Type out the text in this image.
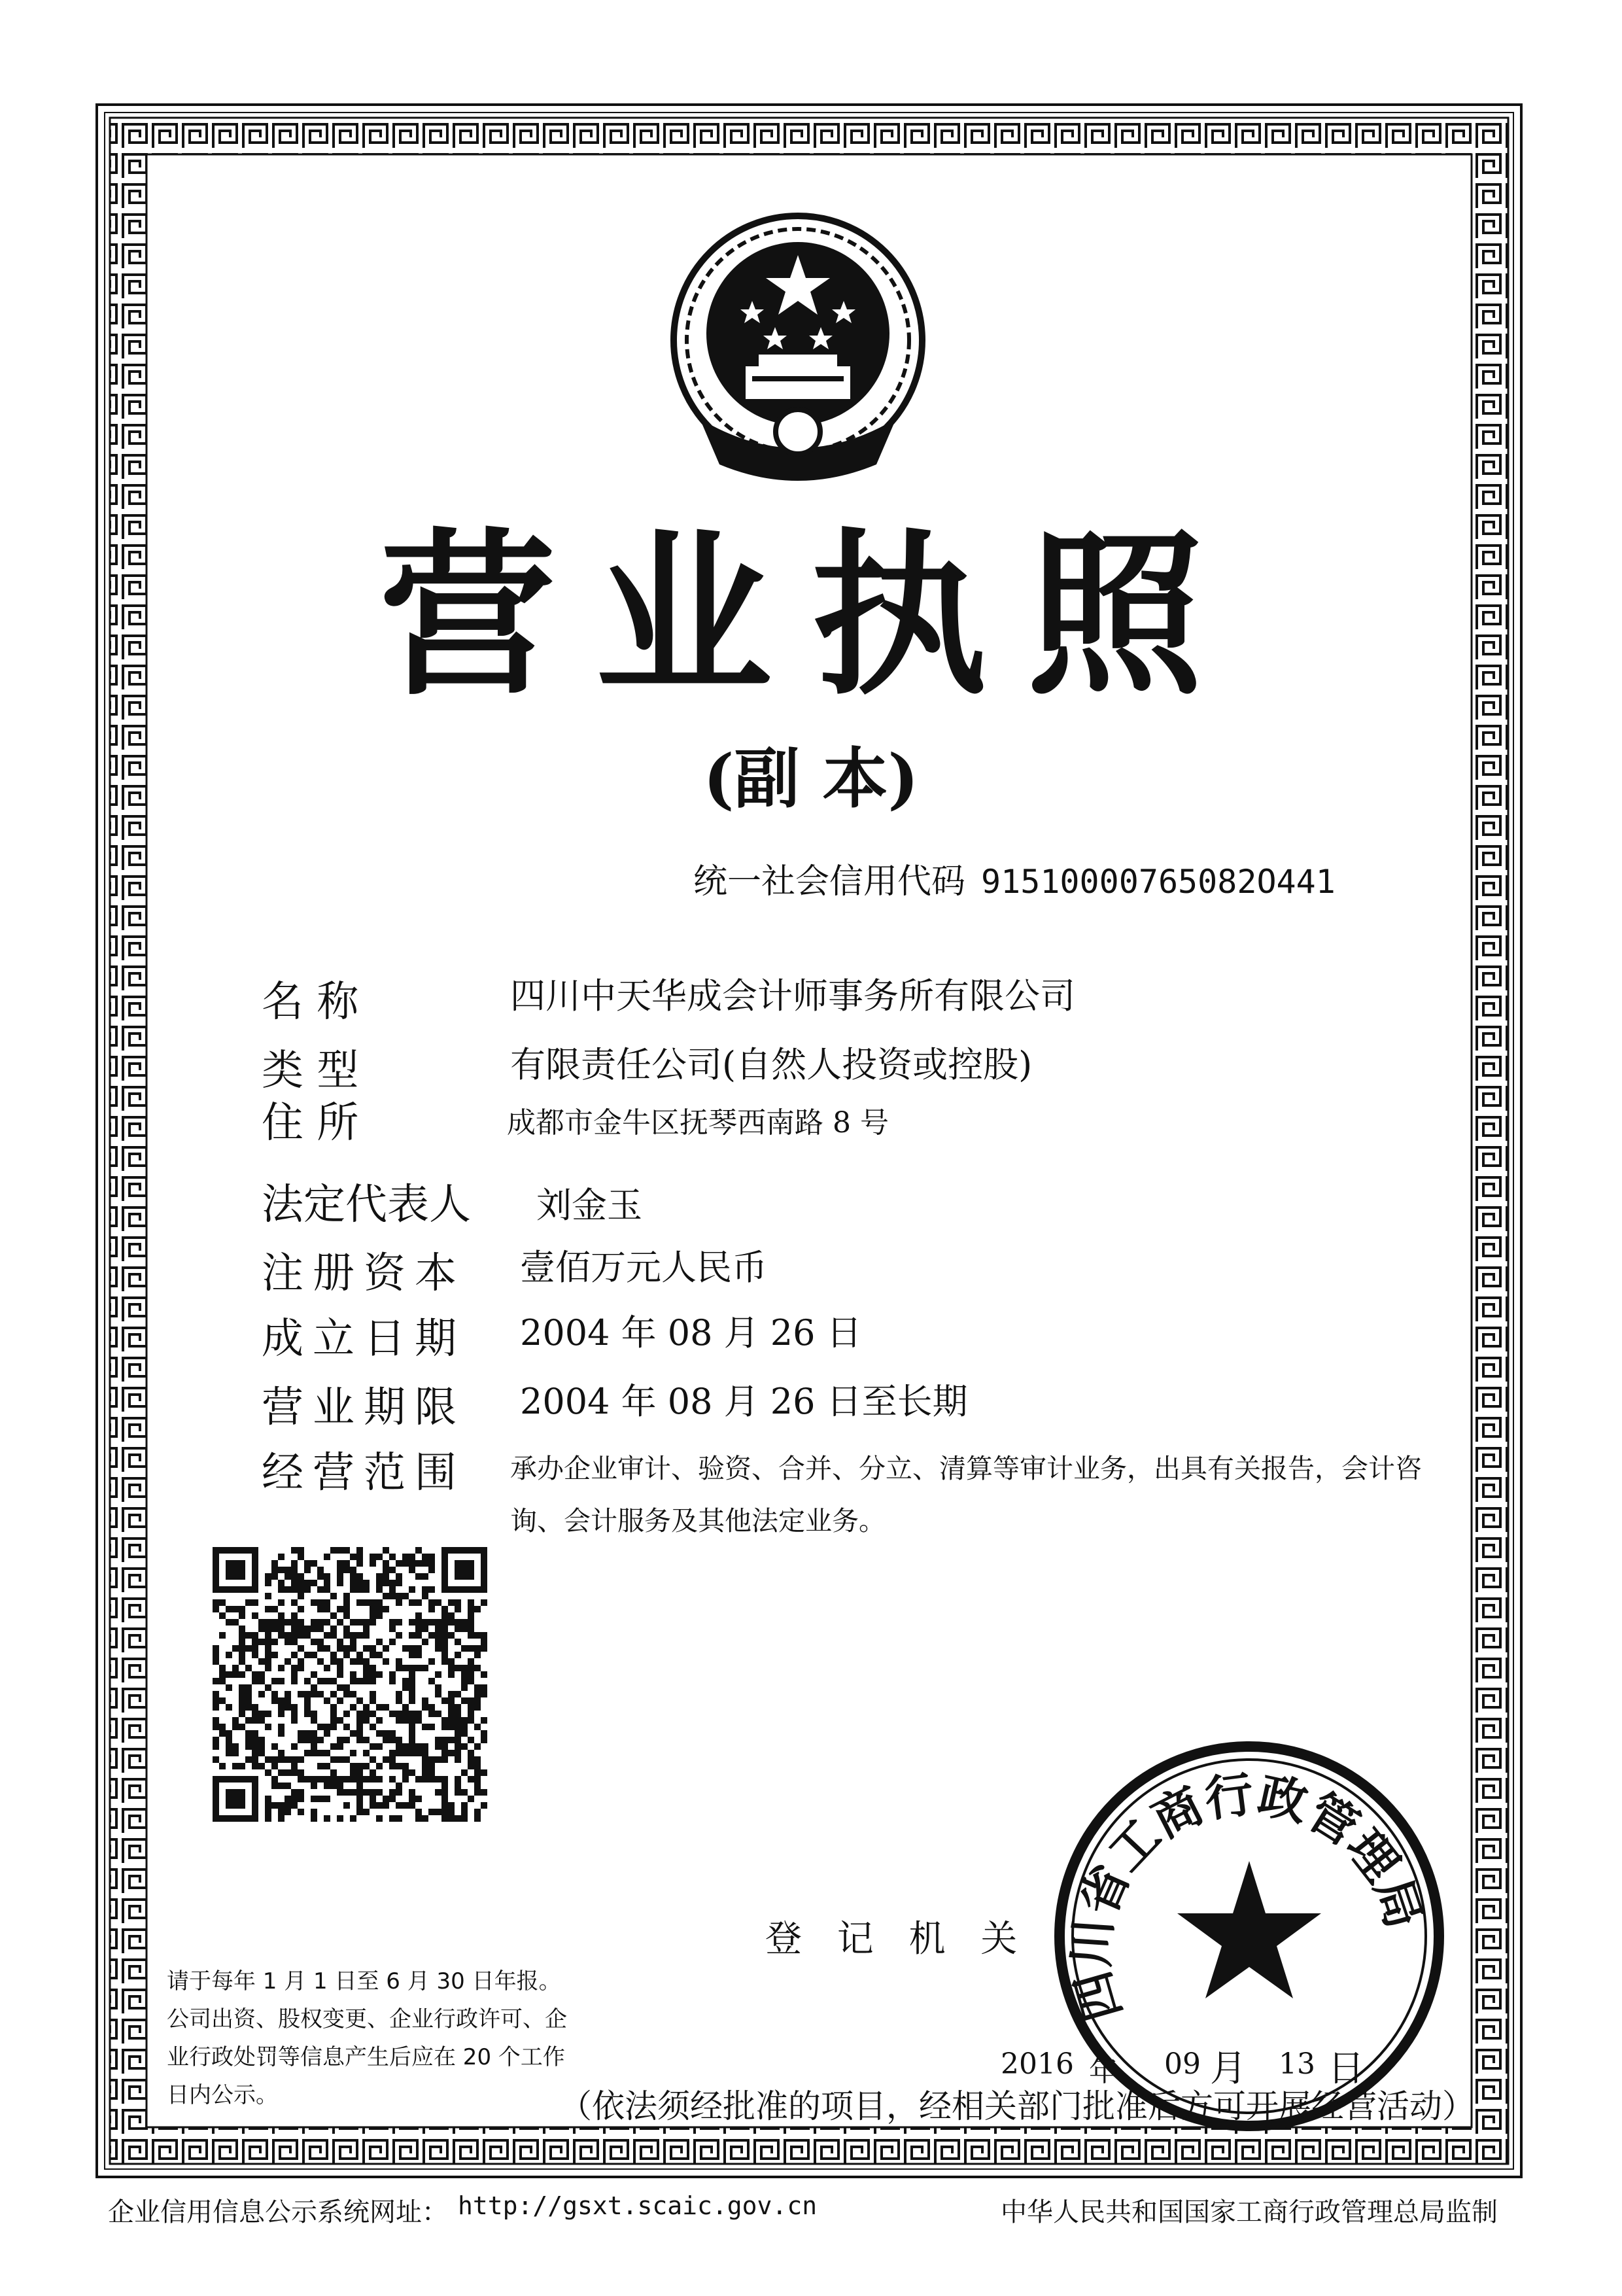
营业执照
(副 本)
统一社会信用代码 91510000765082O441
名 称	四川中天华成会计师事务所有限公司
类 型	有限责任公司(自然人投资或控股)
住 所	成都市金牛区抚琴西南路 8 号
法定代表人 刘金玉
注册资本 壹佰万元人民币
成立日期 2004 年 08 月 26 日
营业期限 2004 年 08 月 26 日至长期
经营范围 承办企业审计、验资、合并、分立、清算等审计业务，出具有关报告，会计咨询、会计服务及其他法定业务。
登 记 机 关
请于每年 1 月 1 日至 6 月 30 日年报。公司出资、股权变更、企业行政许可、企业行政处罚等信息产生后应在 20 个工作日内公示。
四川省工商行政管理局
2016 年 09 月 13 日
（依法须经批准的项目，经相关部门批准后方可开展经营活动）
企业信用信息公示系统网址： http://gsxt.scaic.gov.cn	中华人民共和国国家工商行政管理总局监制
